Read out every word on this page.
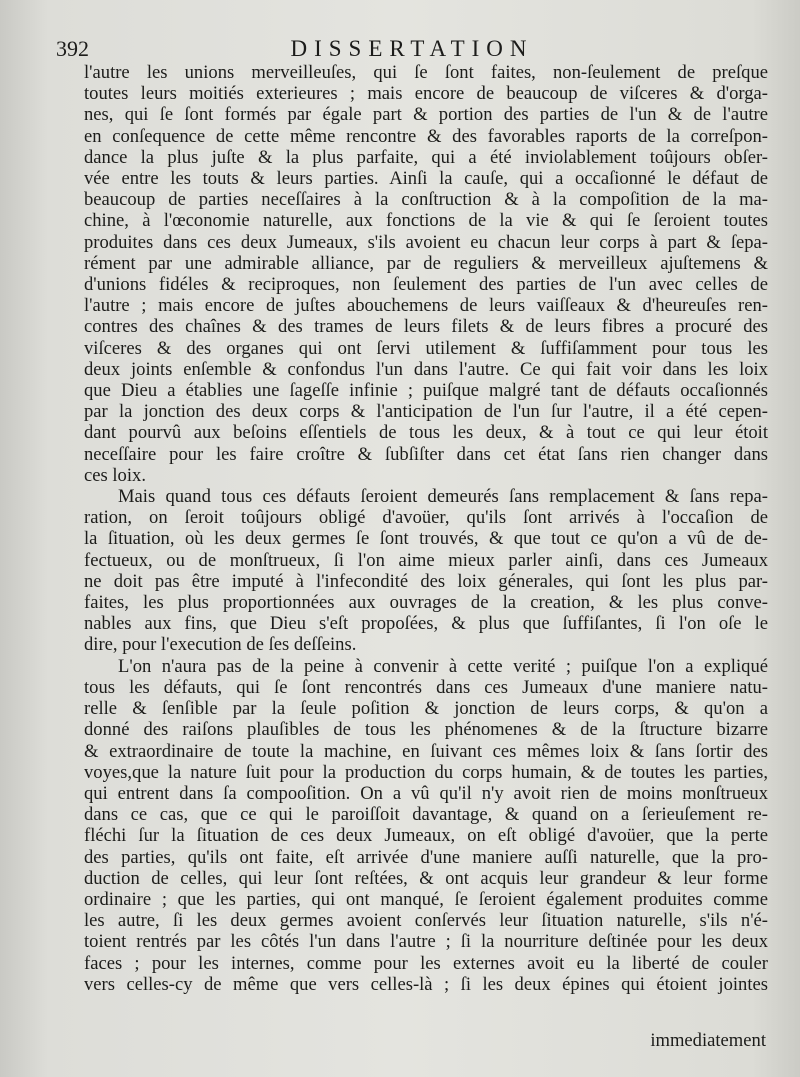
392	DISSERTATION

l'autre les unions merveilleuſes, qui ſe ſont faites, non-ſeulement de preſque
toutes leurs moitiés exterieures ; mais encore de beaucoup de viſceres & d'orga-
nes, qui ſe ſont formés par égale part & portion des parties de l'un & de l'autre
en conſequence de cette même rencontre & des favorables raports de la correſpon-
dance la plus juſte & la plus parfaite, qui a été inviolablement toûjours obſer-
vée entre les touts & leurs parties. Ainſi la cauſe, qui a occaſionné le défaut de
beaucoup de parties neceſſaires à la conſtruction & à la compoſition de la ma-
chine, à l'œconomie naturelle, aux fonctions de la vie & qui ſe ſeroient toutes
produites dans ces deux Jumeaux, s'ils avoient eu chacun leur corps à part & ſepa-
rément par une admirable alliance, par de reguliers & merveilleux ajuſtemens &
d'unions fidéles & reciproques, non ſeulement des parties de l'un avec celles de
l'autre ; mais encore de juſtes abouchemens de leurs vaiſſeaux & d'heureuſes ren-
contres des chaînes & des trames de leurs filets & de leurs fibres a procuré des
viſceres & des organes qui ont ſervi utilement & ſuffiſamment pour tous les
deux joints enſemble & confondus l'un dans l'autre. Ce qui fait voir dans les loix
que Dieu a établies une ſageſſe infinie ; puiſque malgré tant de défauts occaſionnés
par la jonction des deux corps & l'anticipation de l'un ſur l'autre, il a été cepen-
dant pourvû aux beſoins eſſentiels de tous les deux, & à tout ce qui leur étoit
neceſſaire pour les faire croître & ſubſiſter dans cet état ſans rien changer dans
ces loix.

Mais quand tous ces défauts ſeroient demeurés ſans remplacement & ſans repa-
ration, on ſeroit toûjours obligé d'avoüer, qu'ils ſont arrivés à l'occaſion de
la ſituation, où les deux germes ſe ſont trouvés, & que tout ce qu'on a vû de de-
fectueux, ou de monſtrueux, ſi l'on aime mieux parler ainſi, dans ces Jumeaux
ne doit pas être imputé à l'infecondité des loix génerales, qui ſont les plus par-
faites, les plus proportionnées aux ouvrages de la creation, & les plus conve-
nables aux fins, que Dieu s'eſt propoſées, & plus que ſuffiſantes, ſi l'on oſe le
dire, pour l'execution de ſes deſſeins.

L'on n'aura pas de la peine à convenir à cette verité ; puiſque l'on a expliqué
tous les défauts, qui ſe ſont rencontrés dans ces Jumeaux d'une maniere natu-
relle & ſenſible par la ſeule poſition & jonction de leurs corps, & qu'on a
donné des raiſons plauſibles de tous les phénomenes & de la ſtructure bizarre
& extraordinaire de toute la machine, en ſuivant ces mêmes loix & ſans ſortir des
voyes,que la nature ſuit pour la production du corps humain, & de toutes les parties,
qui entrent dans ſa compooſition. On a vû qu'il n'y avoit rien de moins monſtrueux
dans ce cas, que ce qui le paroiſſoit davantage, & quand on a ſerieuſement re-
fléchi ſur la ſituation de ces deux Jumeaux, on eſt obligé d'avoüer, que la perte
des parties, qu'ils ont faite, eſt arrivée d'une maniere auſſi naturelle, que la pro-
duction de celles, qui leur ſont reſtées, & ont acquis leur grandeur & leur forme
ordinaire ; que les parties, qui ont manqué, ſe ſeroient également produites comme
les autre, ſi les deux germes avoient conſervés leur ſituation naturelle, s'ils n'é-
toient rentrés par les côtés l'un dans l'autre ; ſi la nourriture deſtinée pour les deux
faces ; pour les internes, comme pour les externes avoit eu la liberté de couler
vers celles-cy de même que vers celles-là ; ſi les deux épines qui étoient jointes

immediatement
